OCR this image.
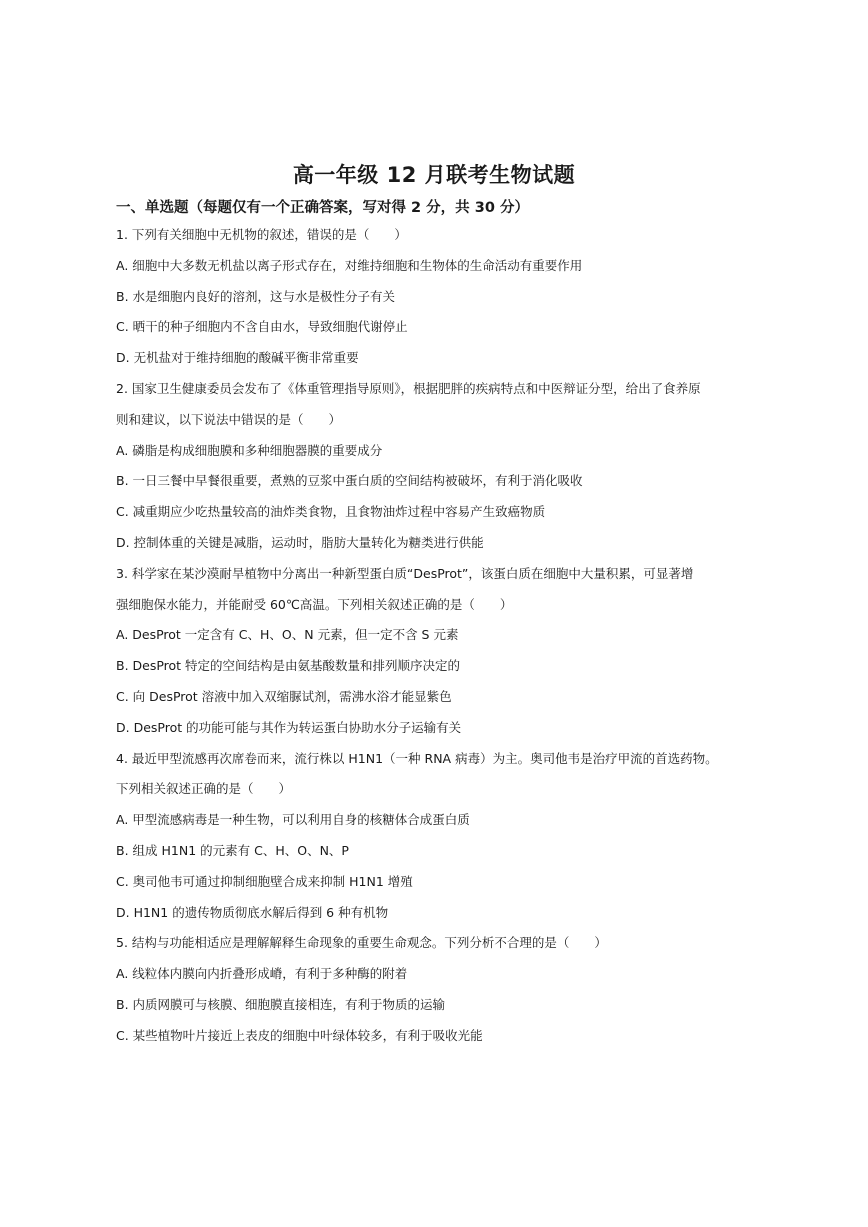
高一年级 12 月联考生物试题
一、单选题（每题仅有一个正确答案，写对得 2 分，共 30 分）
1. 下列有关细胞中无机物的叙述，错误的是（　　）
A. 细胞中大多数无机盐以离子形式存在，对维持细胞和生物体的生命活动有重要作用
B. 水是细胞内良好的溶剂，这与水是极性分子有关
C. 晒干的种子细胞内不含自由水，导致细胞代谢停止
D. 无机盐对于维持细胞的酸碱平衡非常重要
2. 国家卫生健康委员会发布了《体重管理指导原则》，根据肥胖的疾病特点和中医辩证分型，给出了食养原
则和建议，以下说法中错误的是（　　）
A. 磷脂是构成细胞膜和多种细胞器膜的重要成分
B. 一日三餐中早餐很重要，煮熟的豆浆中蛋白质的空间结构被破坏，有利于消化吸收
C. 减重期应少吃热量较高的油炸类食物，且食物油炸过程中容易产生致癌物质
D. 控制体重的关键是减脂，运动时，脂肪大量转化为糖类进行供能
3. 科学家在某沙漠耐旱植物中分离出一种新型蛋白质“DesProt”，该蛋白质在细胞中大量积累，可显著增
强细胞保水能力，并能耐受 60℃高温。下列相关叙述正确的是（　　）
A. DesProt 一定含有 C、H、O、N 元素，但一定不含 S 元素
B. DesProt 特定的空间结构是由氨基酸数量和排列顺序决定的
C. 向 DesProt 溶液中加入双缩脲试剂，需沸水浴才能显紫色
D. DesProt 的功能可能与其作为转运蛋白协助水分子运输有关
4. 最近甲型流感再次席卷而来，流行株以 H1N1（一种 RNA 病毒）为主。奥司他韦是治疗甲流的首选药物。
下列相关叙述正确的是（　　）
A. 甲型流感病毒是一种生物，可以利用自身的核糖体合成蛋白质
B. 组成 H1N1 的元素有 C、H、O、N、P
C. 奥司他韦可通过抑制细胞壁合成来抑制 H1N1 增殖
D. H1N1 的遗传物质彻底水解后得到 6 种有机物
5. 结构与功能相适应是理解解释生命现象的重要生命观念。下列分析不合理的是（　　）
A. 线粒体内膜向内折叠形成嵴，有利于多种酶的附着
B. 内质网膜可与核膜、细胞膜直接相连，有利于物质的运输
C. 某些植物叶片接近上表皮的细胞中叶绿体较多，有利于吸收光能
